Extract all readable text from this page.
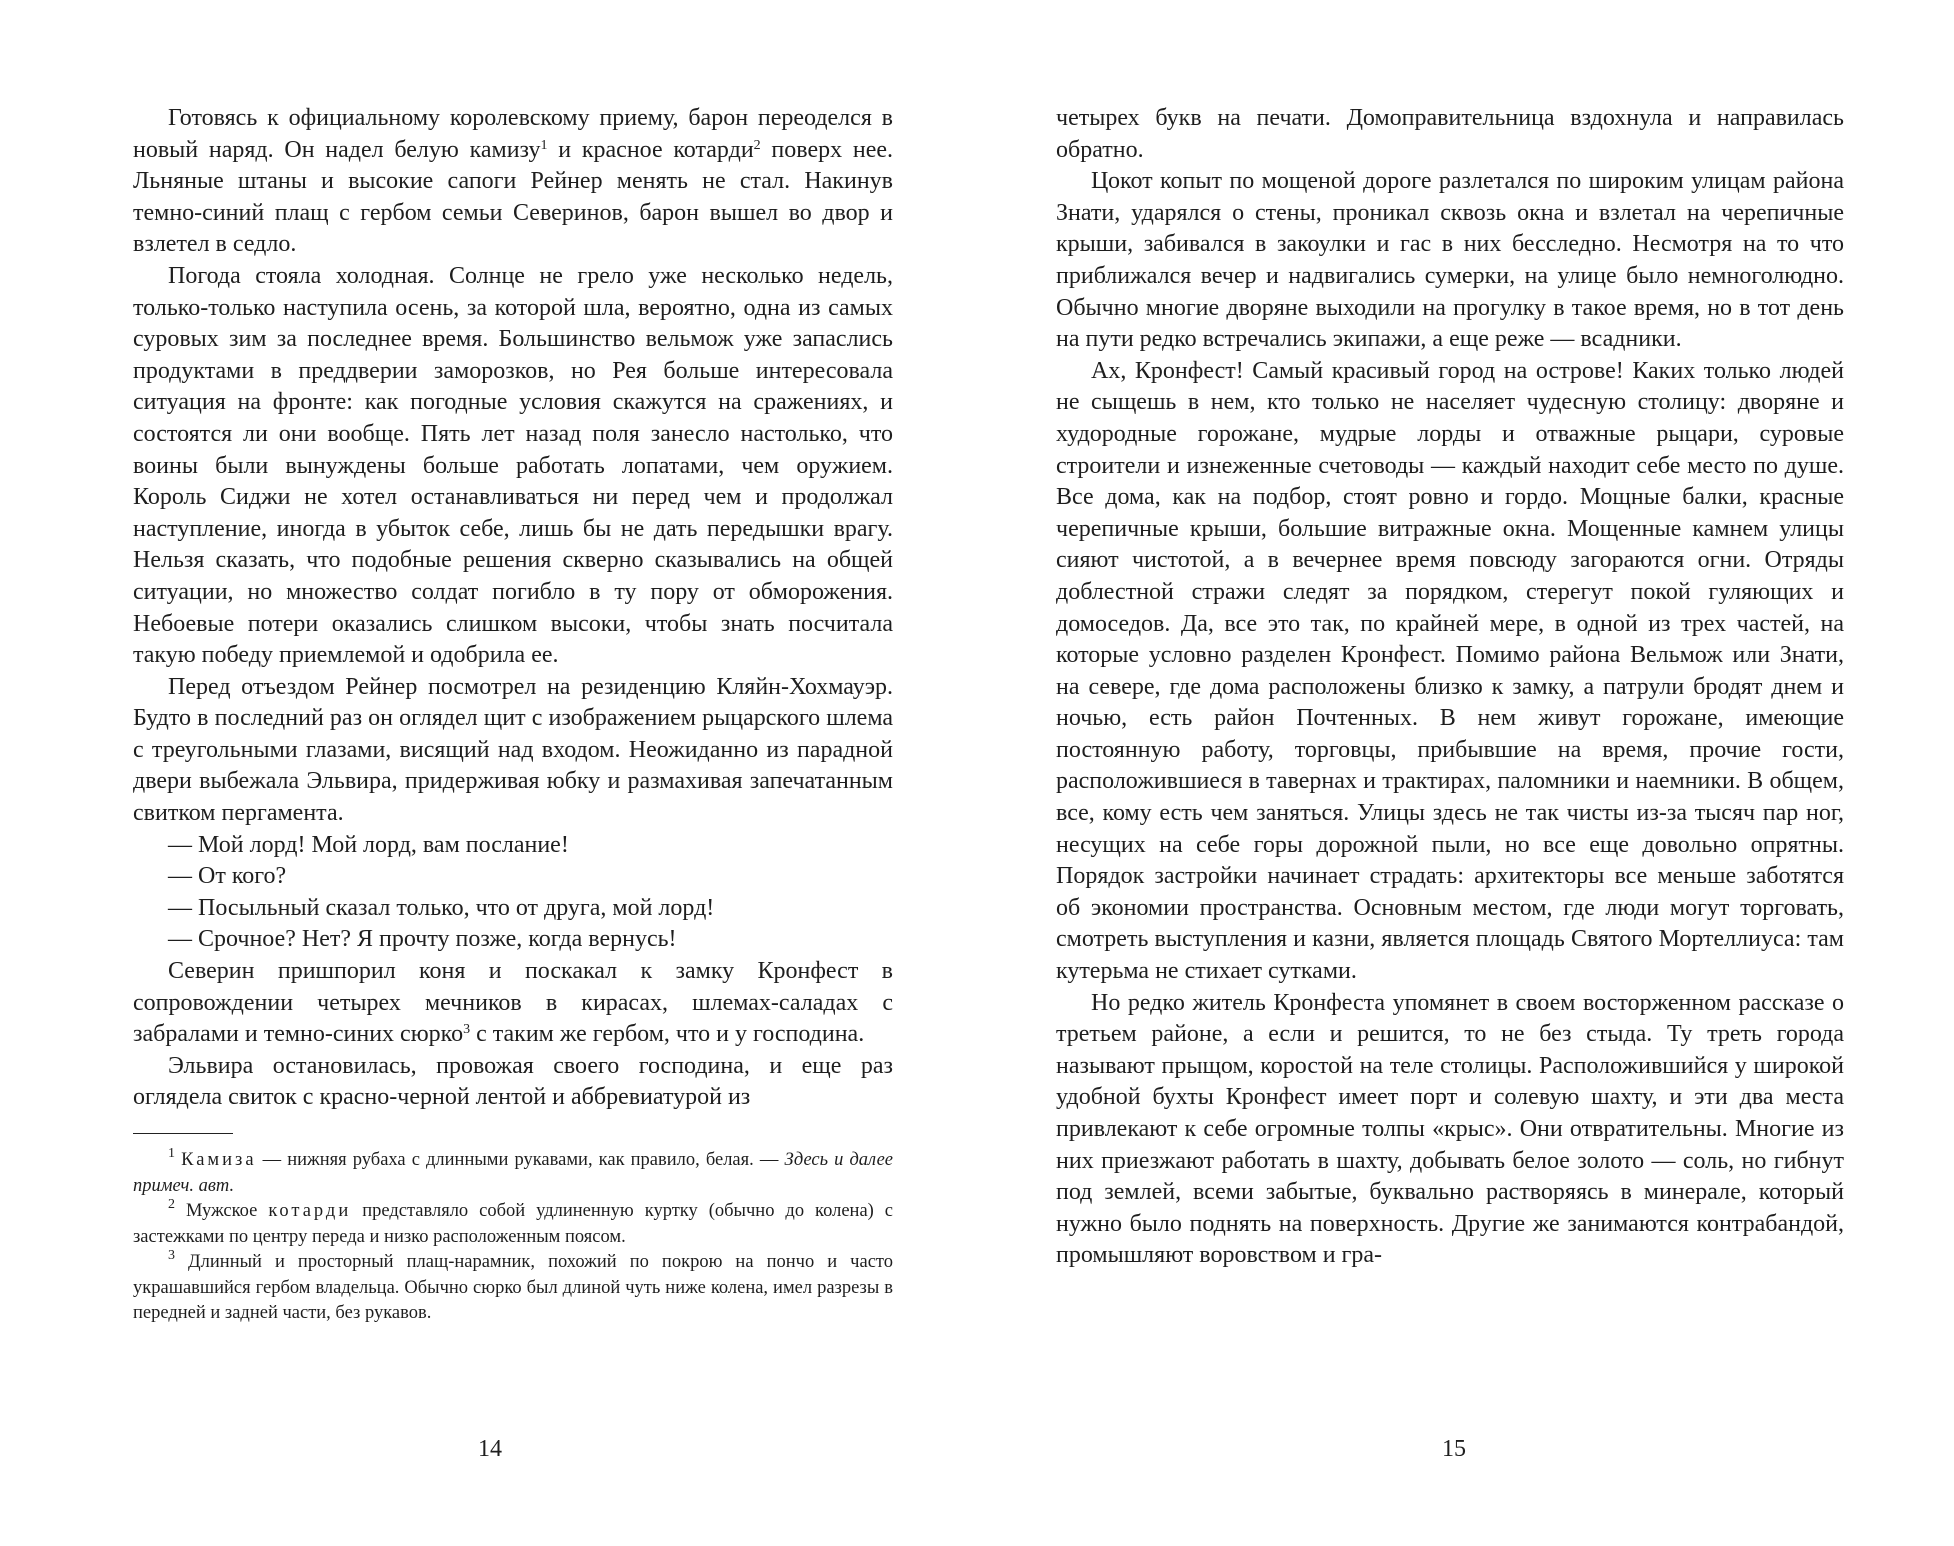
Готовясь к официальному королевскому приему, барон переоделся в новый наряд. Он надел белую камизу$^1$ и красное котарди$^2$ поверх нее. Льняные штаны и высокие сапоги Рейнер менять не стал. Накинув темно-синий плащ с гербом семьи Северинов, барон вышел во двор и взлетел в седло.

Погода стояла холодная. Солнце не грело уже несколько недель, только-только наступила осень, за которой шла, вероятно, одна из самых суровых зим за последнее время. Большинство вельмож уже запаслись продуктами в преддверии заморозков, но Рея больше интересовала ситуация на фронте: как погодные условия скажутся на сражениях, и состоятся ли они вообще. Пять лет назад поля занесло настолько, что воины были вынуждены больше работать лопатами, чем оружием. Король Сиджи не хотел останавливаться ни перед чем и продолжал наступление, иногда в убыток себе, лишь бы не дать передышки врагу. Нельзя сказать, что подобные решения скверно сказывались на общей ситуации, но множество солдат погибло в ту пору от обморожения. Небоевые потери оказались слишком высоки, чтобы знать посчитала такую победу приемлемой и одобрила ее.

Перед отъездом Рейнер посмотрел на резиденцию Кляйн-Хохмауэр. Будто в последний раз он оглядел щит с изображением рыцарского шлема с треугольными глазами, висящий над входом. Неожиданно из парадной двери выбежала Эльвира, придерживая юбку и размахивая запечатанным свитком пергамента.

— Мой лорд! Мой лорд, вам послание!

— От кого?

— Посыльный сказал только, что от друга, мой лорд!

— Срочное? Нет? Я прочту позже, когда вернусь!

Северин пришпорил коня и поскакал к замку Кронфест в сопровождении четырех мечников в кирасах, шлемах-саладах с забралами и темно-синих сюрко$^3$ с таким же гербом, что и у господина.

Эльвира остановилась, провожая своего господина, и еще раз оглядела свиток с красно-черной лентой и аббревиатурой из

$^1$ Камиза — нижняя рубаха с длинными рукавами, как правило, белая. — Здесь и далее примеч. авт.

$^2$ Мужское котарди представляло собой удлиненную куртку (обычно до колена) с застежками по центру переда и низко расположенным поясом.

$^3$ Длинный и просторный плащ-нарамник, похожий по покрою на пончо и часто украшавшийся гербом владельца. Обычно сюрко был длиной чуть ниже колена, имел разрезы в передней и задней части, без рукавов.

14

четырех букв на печати. Домоправительница вздохнула и направилась обратно.

Цокот копыт по мощеной дороге разлетался по широким улицам района Знати, ударялся о стены, проникал сквозь окна и взлетал на черепичные крыши, забивался в закоулки и гас в них бесследно. Несмотря на то что приближался вечер и надвигались сумерки, на улице было немноголюдно. Обычно многие дворяне выходили на прогулку в такое время, но в тот день на пути редко встречались экипажи, а еще реже — всадники.

Ах, Кронфест! Самый красивый город на острове! Каких только людей не сыщешь в нем, кто только не населяет чудесную столицу: дворяне и худородные горожане, мудрые лорды и отважные рыцари, суровые строители и изнеженные счетоводы — каждый находит себе место по душе. Все дома, как на подбор, стоят ровно и гордо. Мощные балки, красные черепичные крыши, большие витражные окна. Мощенные камнем улицы сияют чистотой, а в вечернее время повсюду загораются огни. Отряды доблестной стражи следят за порядком, стерегут покой гуляющих и домоседов. Да, все это так, по крайней мере, в одной из трех частей, на которые условно разделен Кронфест. Помимо района Вельмож или Знати, на севере, где дома расположены близко к замку, а патрули бродят днем и ночью, есть район Почтенных. В нем живут горожане, имеющие постоянную работу, торговцы, прибывшие на время, прочие гости, расположившиеся в тавернах и трактирах, паломники и наемники. В общем, все, кому есть чем заняться. Улицы здесь не так чисты из-за тысяч пар ног, несущих на себе горы дорожной пыли, но все еще довольно опрятны. Порядок застройки начинает страдать: архитекторы все меньше заботятся об экономии пространства. Основным местом, где люди могут торговать, смотреть выступления и казни, является площадь Святого Мортеллиуса: там кутерьма не стихает сутками.

Но редко житель Кронфеста упомянет в своем восторженном рассказе о третьем районе, а если и решится, то не без стыда. Ту треть города называют прыщом, коростой на теле столицы. Расположившийся у широкой удобной бухты Кронфест имеет порт и солевую шахту, и эти два места привлекают к себе огромные толпы «крыс». Они отвратительны. Многие из них приезжают работать в шахту, добывать белое золото — соль, но гибнут под землей, всеми забытые, буквально растворяясь в минерале, который нужно было поднять на поверхность. Другие же занимаются контрабандой, промышляют воровством и гра-

15
